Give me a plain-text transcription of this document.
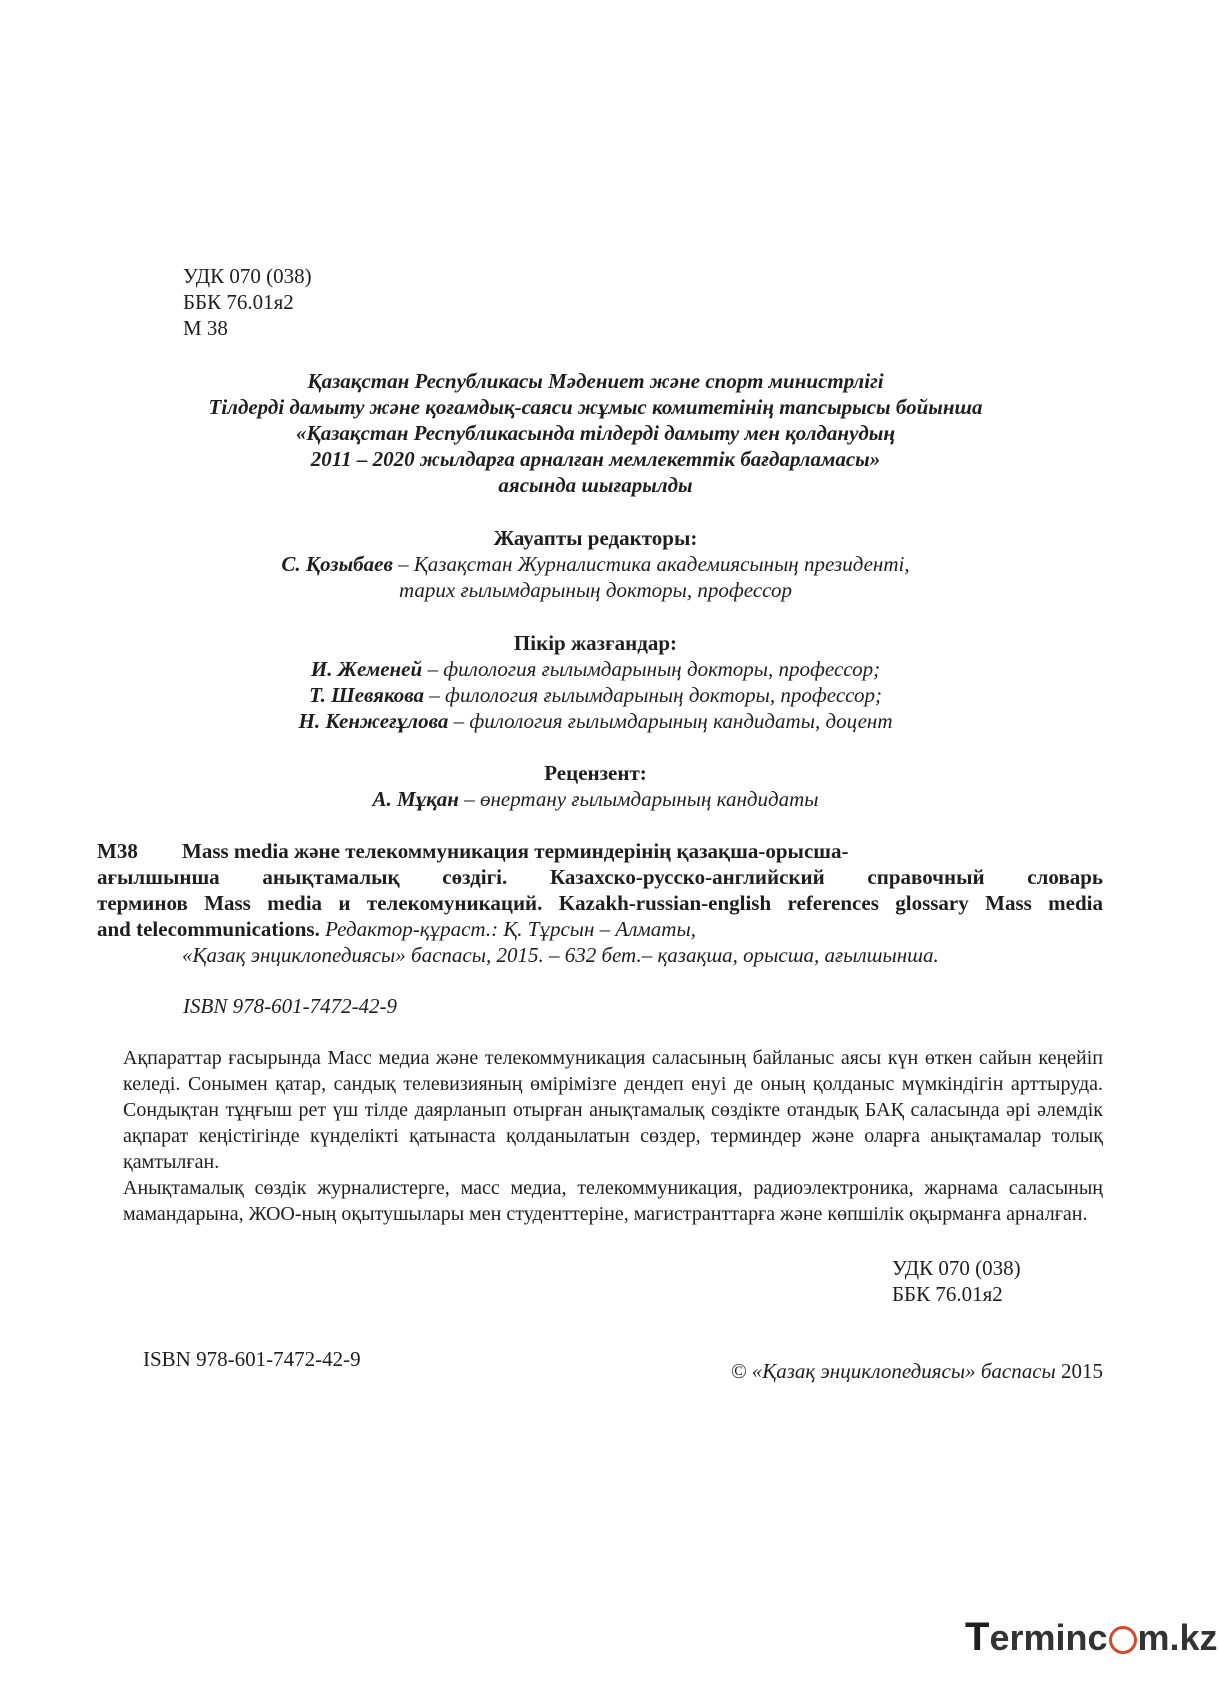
УДК 070 (038)
ББК 76.01я2
М 38
Қазақстан Республикасы Мəдениет жəне спорт министрлігі
Тілдерді дамыту жəне қоғамдық-саяси жұмыс комитетінің тапсырысы бойынша
«Қазақстан Республикасында тілдерді дамыту мен қолданудың
2011 – 2020 жылдарға арналған мемлекеттік бағдарламасы»
аясында шығарылды
Жауапты редакторы:
С. Қозыбаев – Қазақстан Журналистика академиясының президенті,
тарих ғылымдарының докторы, профессор
Пікір жазғандар:
И. Жеменей – филология ғылымдарының докторы, профессор;
Т. Шевякова – филология ғылымдарының докторы, профессор;
Н. Кенжеғұлова – филология ғылымдарының кандидаты, доцент
Рецензент:
А. Мұқан – өнертану ғылымдарының кандидаты
М38	Mass media жəне телекоммуникация терминдерінің қазақша-орысша-
ағылшынша анықтамалық сөздігі. Казахско-русско-английский справочный словарь
терминов Mass media и телекомуникаций. Kazakh-russian-english references glossary Mass media
and telecommunications. Редактор-құраст.: Қ. Тұрсын – Алматы,
«Қазақ энциклопедиясы» баспасы, 2015. – 632 бет.– қазақша, орысша, ағылшынша.
ISBN 978-601-7472-42-9

Ақпараттар ғасырында Масс медиа жəне телекоммуникация саласының байланыс аясы күн өткен сайын кеңейіп келеді. Сонымен қатар, сандық телевизияның өмірімізге дендеп енуі де оның қолданыс мүмкіндігін арттыруда. Сондықтан тұңғыш рет үш тілде даярланып отырған анықтамалық сөздікте отандық БАҚ саласында əрі əлемдік ақпарат кеңістігінде күнделікті қатынаста қолданылатын сөздер, терминдер жəне оларға анықтамалар толық қамтылған.

Анықтамалық сөздік журналистерге, масс медиа, телекоммуникация, радиоэлектроника, жарнама саласының мамандарына, ЖОО-ның оқытушылары мен студенттеріне, магистранттарға жəне көпшілік оқырманға арналған.

УДК 070 (038)
ББК 76.01я2
ISBN 978-601-7472-42-9	© «Қазақ энциклопедиясы» баспасы 2015
Terminc m.kz
